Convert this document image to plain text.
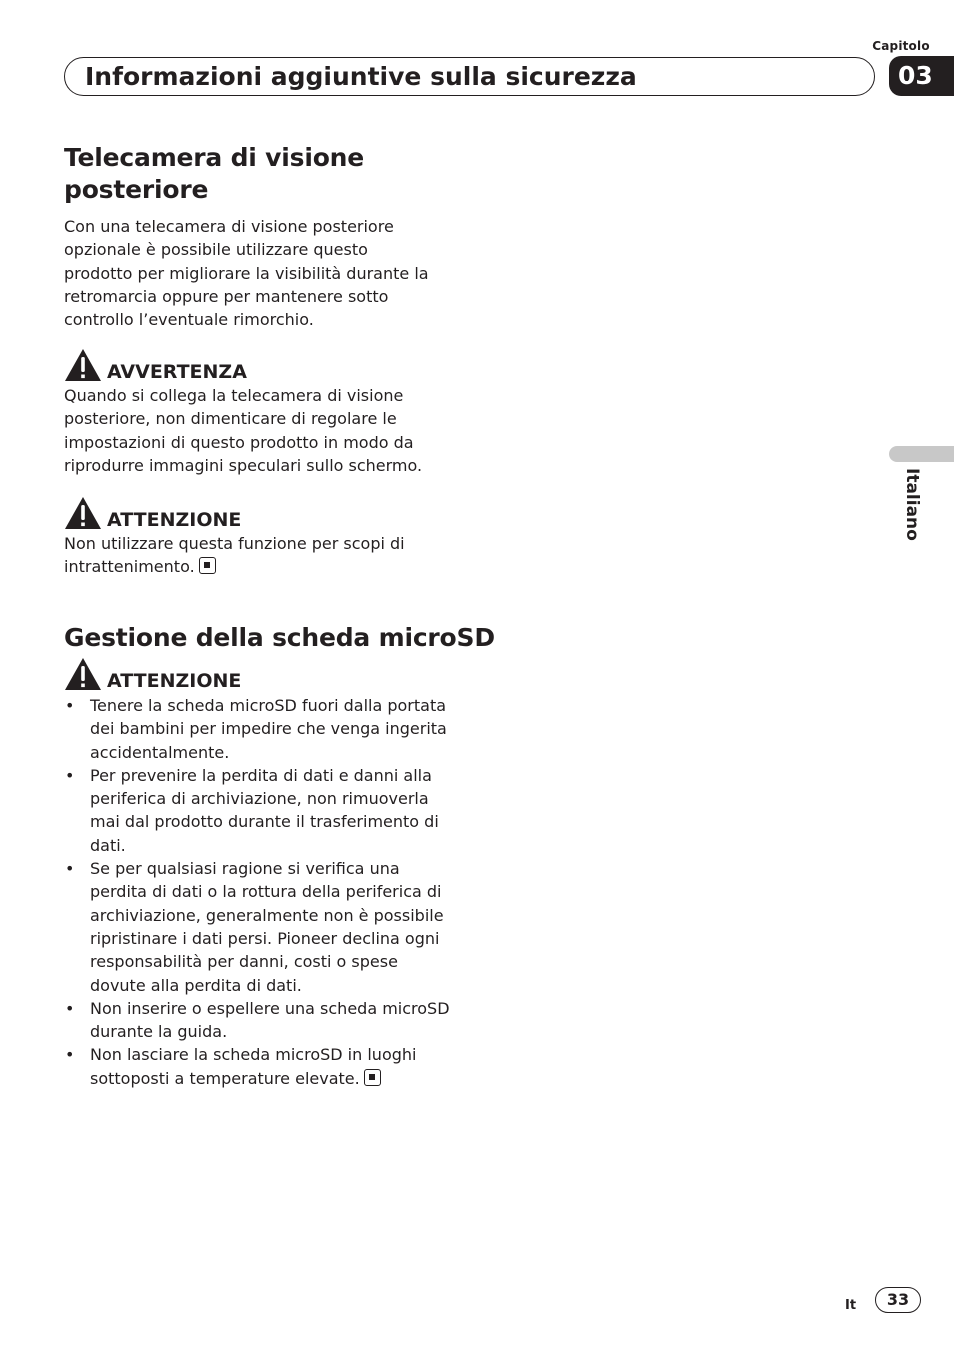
Capitolo
03
Informazioni aggiuntive sulla sicurezza
Italiano
Telecamera di visione posteriore

Con una telecamera di visione posteriore opzionale è possibile utilizzare questo prodotto per migliorare la visibilità durante la retromarcia oppure per mantenere sotto controllo l’eventuale rimorchio.

AVVERTENZA

Quando si collega la telecamera di visione posteriore, non dimenticare di regolare le impostazioni di questo prodotto in modo da riprodurre immagini speculari sullo schermo.

ATTENZIONE

Non utilizzare questa funzione per scopi di intrattenimento.

Gestione della scheda microSD
ATTENZIONE
• Tenere la scheda microSD fuori dalla portata dei bambini per impedire che venga ingerita accidentalmente.
• Per prevenire la perdita di dati e danni alla periferica di archiviazione, non rimuoverla mai dal prodotto durante il trasferimento di dati.
• Se per qualsiasi ragione si verifica una perdita di dati o la rottura della periferica di archiviazione, generalmente non è possibile ripristinare i dati persi. Pioneer declina ogni responsabilità per danni, costi o spese dovute alla perdita di dati.
• Non inserire o espellere una scheda microSD durante la guida.
• Non lasciare la scheda microSD in luoghi sottoposti a temperature elevate.
It	33
